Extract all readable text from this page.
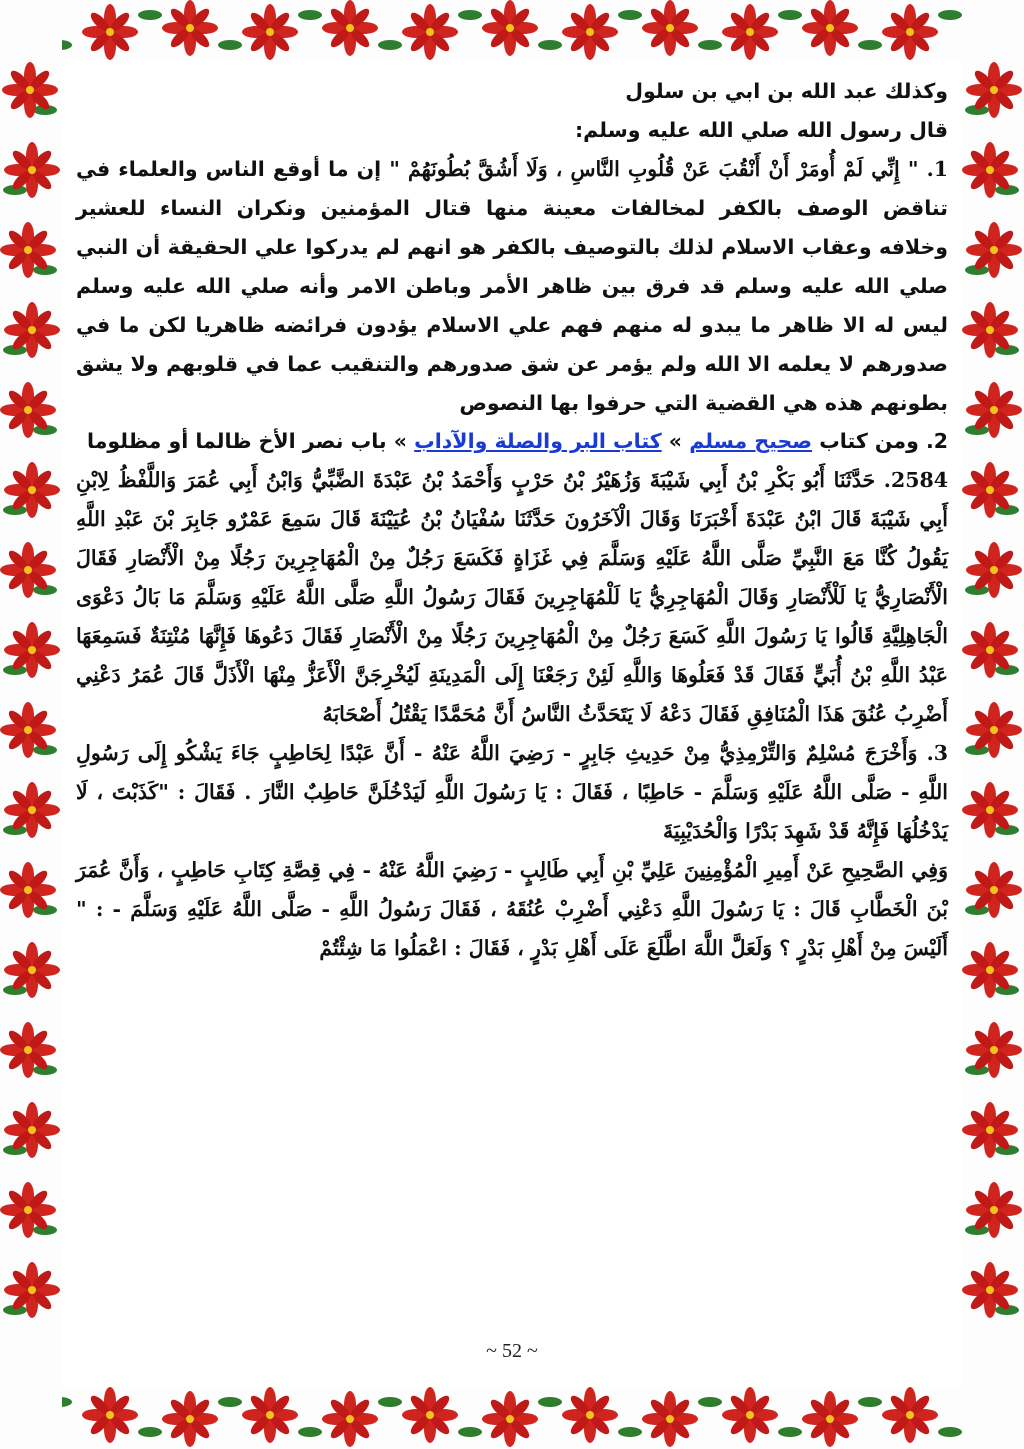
وكذلك عبد الله بن ابي بن سلول

قال رسول الله صلي الله عليه وسلم:

1. " إِنِّي لَمْ أُومَرْ أَنْ أَنْقُبَ عَنْ قُلُوبِ النَّاسِ ، وَلَا أَشُقَّ بُطُونَهُمْ " إن ما أوقع الناس والعلماء في تناقض الوصف بالكفر لمخالفات معينة منها قتال المؤمنين ونكران النساء للعشير وخلافه وعقاب الاسلام لذلك بالتوصيف بالكفر هو انهم لم يدركوا علي الحقيقة أن النبي صلي الله عليه وسلم قد فرق بين ظاهر الأمر وباطن الامر وأنه صلي الله عليه وسلم ليس له الا ظاهر ما يبدو له منهم فهم علي الاسلام يؤدون فرائضه ظاهريا لكن ما في صدورهم لا يعلمه الا الله ولم يؤمر عن شق صدورهم والتنقيب عما في قلوبهم ولا يشق بطونهم هذه هي القضية التي حرفوا بها النصوص

2. ومن كتاب صحيح مسلم » كتاب البر والصلة والآداب » باب نصر الأخ ظالما أو مظلوما

2584. حَدَّثَنَا أَبُو بَكْرِ بْنُ أَبِي شَيْبَةَ وَزُهَيْرُ بْنُ حَرْبٍ وَأَحْمَدُ بْنُ عَبْدَةَ الضَّبِّيُّ وَابْنُ أَبِي عُمَرَ وَاللَّفْظُ لِابْنِ أَبِي شَيْبَةَ قَالَ ابْنُ عَبْدَةَ أَخْبَرَنَا وَقَالَ الْآخَرُونَ حَدَّثَنَا سُفْيَانُ بْنُ عُيَيْنَةَ قَالَ سَمِعَ عَمْرٌو جَابِرَ بْنَ عَبْدِ اللَّهِ يَقُولُ كُنَّا مَعَ النَّبِيِّ صَلَّى اللَّهُ عَلَيْهِ وَسَلَّمَ فِي غَزَاةٍ فَكَسَعَ رَجُلٌ مِنْ الْمُهَاجِرِينَ رَجُلًا مِنْ الْأَنْصَارِ فَقَالَ الْأَنْصَارِيُّ يَا لَلْأَنْصَارِ وَقَالَ الْمُهَاجِرِيُّ يَا لَلْمُهَاجِرِينَ فَقَالَ رَسُولُ اللَّهِ صَلَّى اللَّهُ عَلَيْهِ وَسَلَّمَ مَا بَالُ دَعْوَى الْجَاهِلِيَّةِ قَالُوا يَا رَسُولَ اللَّهِ كَسَعَ رَجُلٌ مِنْ الْمُهَاجِرِينَ رَجُلًا مِنْ الْأَنْصَارِ فَقَالَ دَعُوهَا فَإِنَّهَا مُنْتِنَةٌ فَسَمِعَهَا عَبْدُ اللَّهِ بْنُ أُبَيٍّ فَقَالَ قَدْ فَعَلُوهَا وَاللَّهِ لَئِنْ رَجَعْنَا إِلَى الْمَدِينَةِ لَيُخْرِجَنَّ الْأَعَزُّ مِنْهَا الْأَذَلَّ قَالَ عُمَرُ دَعْنِي أَضْرِبُ عُنُقَ هَذَا الْمُنَافِقِ فَقَالَ دَعْهُ لَا يَتَحَدَّثُ النَّاسُ أَنَّ مُحَمَّدًا يَقْتُلُ أَصْحَابَهُ

3. وَأَخْرَجَ مُسْلِمٌ وَالتِّرْمِذِيُّ مِنْ حَدِيثِ جَابِرٍ - رَضِيَ اللَّهُ عَنْهُ - أَنَّ عَبْدًا لِحَاطِبٍ جَاءَ يَشْكُو إِلَى رَسُولِ اللَّهِ - صَلَّى اللَّهُ عَلَيْهِ وَسَلَّمَ - حَاطِبًا ، فَقَالَ : يَا رَسُولَ اللَّهِ لَيَدْخُلَنَّ حَاطِبٌ النَّارَ . فَقَالَ : "كَذَبْتَ ، لَا يَدْخُلُهَا فَإِنَّهُ قَدْ شَهِدَ بَدْرًا وَالْحُدَيْبِيَةَ

وَفِي الصَّحِيحِ عَنْ أَمِيرِ الْمُؤْمِنِينَ عَلِيِّ بْنِ أَبِي طَالِبٍ - رَضِيَ اللَّهُ عَنْهُ - فِي قِصَّةِ كِتَابِ حَاطِبٍ ، وَأَنَّ عُمَرَ بْنَ الْخَطَّابِ قَالَ : يَا رَسُولَ اللَّهِ دَعْنِي أَضْرِبْ عُنُقَهُ ، فَقَالَ رَسُولُ اللَّهِ - صَلَّى اللَّهُ عَلَيْهِ وَسَلَّمَ - : " أَلَيْسَ مِنْ أَهْلِ بَدْرٍ ؟ وَلَعَلَّ اللَّهَ اطَّلَعَ عَلَى أَهْلِ بَدْرٍ ، فَقَالَ : اعْمَلُوا مَا شِئْتُمْ

~ 52 ~
